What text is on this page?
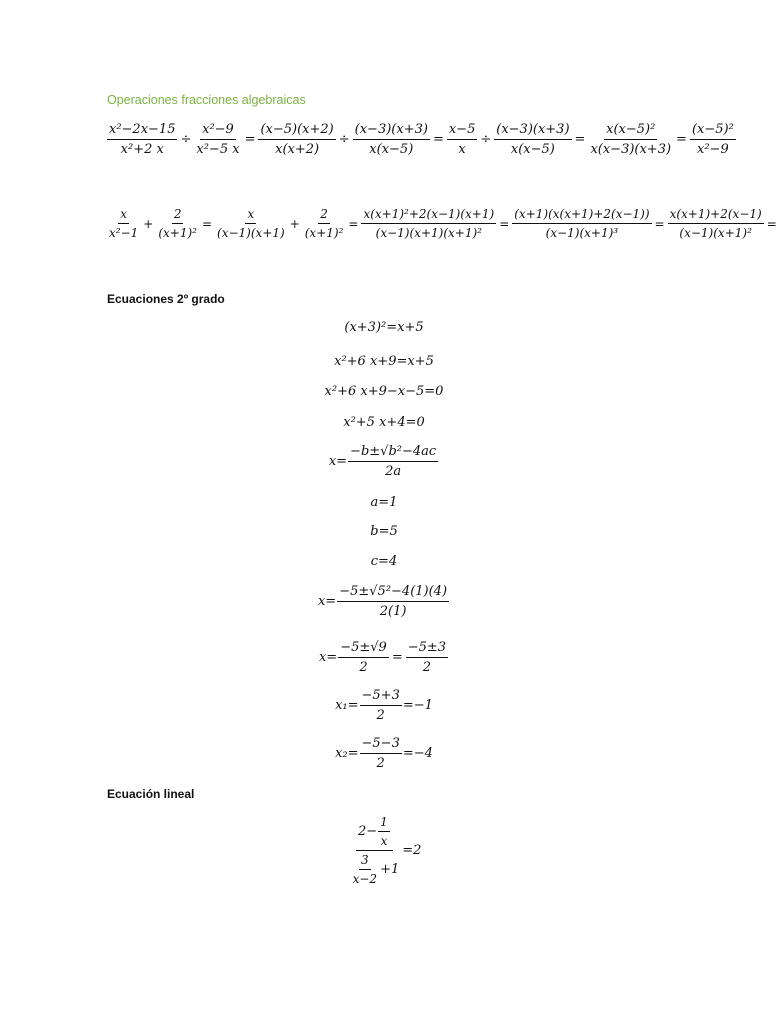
Operaciones fracciones algebraicas
$\frac{\text{x²−2x−15}}{\text{x²+2 x}} \div \frac{\text{x²−9}}{\text{x²−5 x}} = \frac{(x-5)(x+2)}{x(x+2)} \div \frac{(x-3)(x+3)}{x(x-5)} = \frac{x-5}{x} \div \frac{(x-3)(x+3)}{x(x-5)} = \frac{\text{x(x−5)²}}{x(x-3)(x+3)} = \frac{\text{(x−5)²}}{\text{x²−9}}$
$\frac{x}{\text{x²−1}} + \frac{2}{\text{(x+1)²}} = \frac{x}{(x-1)(x+1)} + \frac{2}{\text{(x+1)²}} = \frac{\text{x(x+1)²+2(x−1)(x+1)}}{\text{(x−1)(x+1)(x+1)²}} = \frac{(x+1)(x(x+1)+2(x-1))}{\text{(x−1)(x+1)³}} = \frac{x(x+1)+2(x-1)}{\text{(x−1)(x+1)²}}$ =
Ecuaciones 2º grado
(x+3)²=x+5
x²+6 x+9=x+5
x²+6 x+9−x−5=0
x²+5 x+4=0
$x= \frac{\text{−b±√b²−4ac}}{2a}$
a=1
b=5
c=4
$x= \frac{\text{−5±√5²−4(1)(4)}}{2(1)}$
$x= \frac{-5\pm√9}{2} = \frac{-5\pm 3}{2}$
$x_1= \frac{-5+3}{2} =-1$
$x_2= \frac{-5-3}{2} =-4$
Ecuación lineal
$\frac{2- \frac{1}{x}}{\frac{3}{x-2} +1} =2$
